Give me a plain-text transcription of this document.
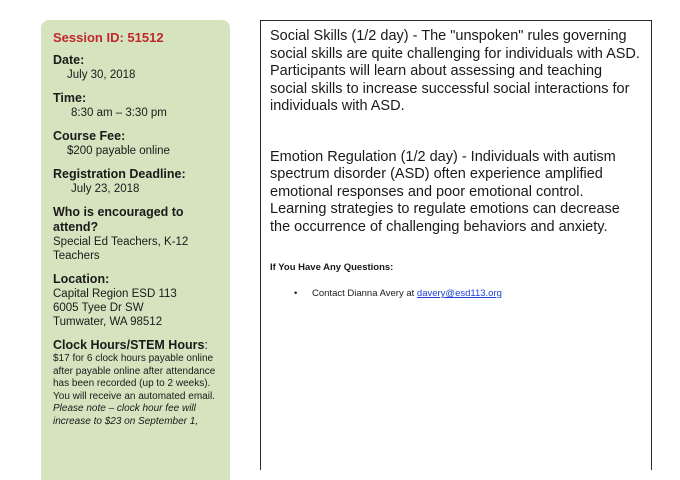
Session ID: 51512
Date:
July 30, 2018
Time:
8:30 am – 3:30 pm
Course Fee:
$200 payable online
Registration Deadline:
July 23, 2018
Who is encouraged to attend?
Special Ed Teachers, K-12 Teachers
Location:
Capital Region ESD 113
6005 Tyee Dr SW
Tumwater, WA 98512
Clock Hours/STEM Hours:
$17 for 6 clock hours payable online after payable online after attendance has been recorded (up to 2 weeks). You will receive an automated email.
Please note – clock hour fee will increase to $23 on September 1,

Social Skills (1/2 day) - The "unspoken" rules governing social skills are quite challenging for individuals with ASD. Participants will learn about assessing and teaching social skills to increase successful social interactions for individuals with ASD.

Emotion Regulation (1/2 day) - Individuals with autism spectrum disorder (ASD) often experience amplified emotional responses and poor emotional control. Learning strategies to regulate emotions can decrease the occurrence of challenging behaviors and anxiety.

If You Have Any Questions:
•	Contact Dianna Avery at davery@esd113.org
